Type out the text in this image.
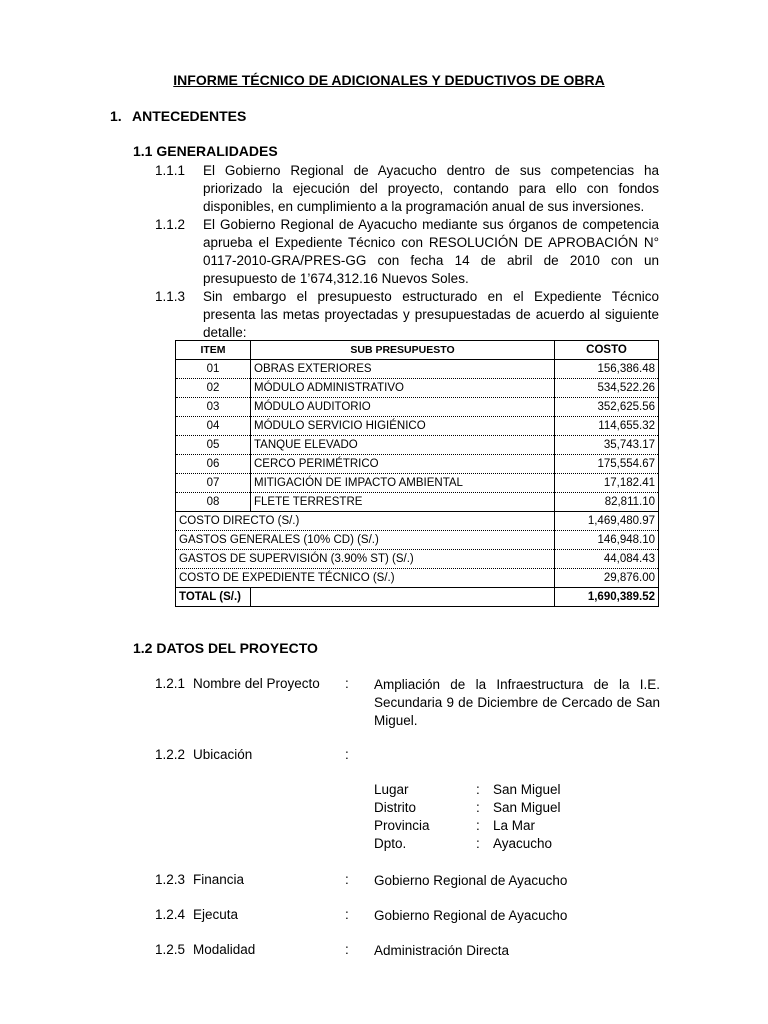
INFORME TÉCNICO DE ADICIONALES Y DEDUCTIVOS DE OBRA
1. ANTECEDENTES
1.1 GENERALIDADES
1.1.1	El Gobierno Regional de Ayacucho dentro de sus competencias ha priorizado la ejecución del proyecto, contando para ello con fondos disponibles, en cumplimiento a la programación anual de sus inversiones.
1.1.2	El Gobierno Regional de Ayacucho mediante sus órganos de competencia aprueba el Expediente Técnico con RESOLUCIÓN DE APROBACIÓN N° 0117-2010-GRA/PRES-GG con fecha 14 de abril de 2010 con un presupuesto de 1’674,312.16 Nuevos Soles.
1.1.3	Sin embargo el presupuesto estructurado en el Expediente Técnico presenta las metas proyectadas y presupuestadas de acuerdo al siguiente detalle:
ITEM	SUB PRESUPUESTO	COSTO
01	OBRAS EXTERIORES	156,386.48
02	MÓDULO ADMINISTRATIVO	534,522.26
03	MÓDULO AUDITORIO	352,625.56
04	MÓDULO SERVICIO HIGIÉNICO	114,655.32
05	TANQUE ELEVADO	35,743.17
06	CERCO PERIMÉTRICO	175,554.67
07	MITIGACIÓN DE IMPACTO AMBIENTAL	17,182.41
08	FLETE TERRESTRE	82,811.10
COSTO DIRECTO (S/.)		1,469,480.97
GASTOS GENERALES (10% CD) (S/.)		146,948.10
GASTOS DE SUPERVISIÓN (3.90% ST) (S/.)		44,084.43
COSTO DE EXPEDIENTE TÉCNICO (S/.)		29,876.00
TOTAL (S/.)		1,690,389.52
1.2 DATOS DEL PROYECTO
1.2.1 Nombre del Proyecto : Ampliación de la Infraestructura de la I.E. Secundaria 9 de Diciembre de Cercado de San Miguel.
1.2.2 Ubicación	:
Lugar	: San Miguel
Distrito	: San Miguel
Provincia	: La Mar
Dpto.	: Ayacucho
1.2.3 Financia	: Gobierno Regional de Ayacucho
1.2.4 Ejecuta	: Gobierno Regional de Ayacucho
1.2.5 Modalidad	: Administración Directa
